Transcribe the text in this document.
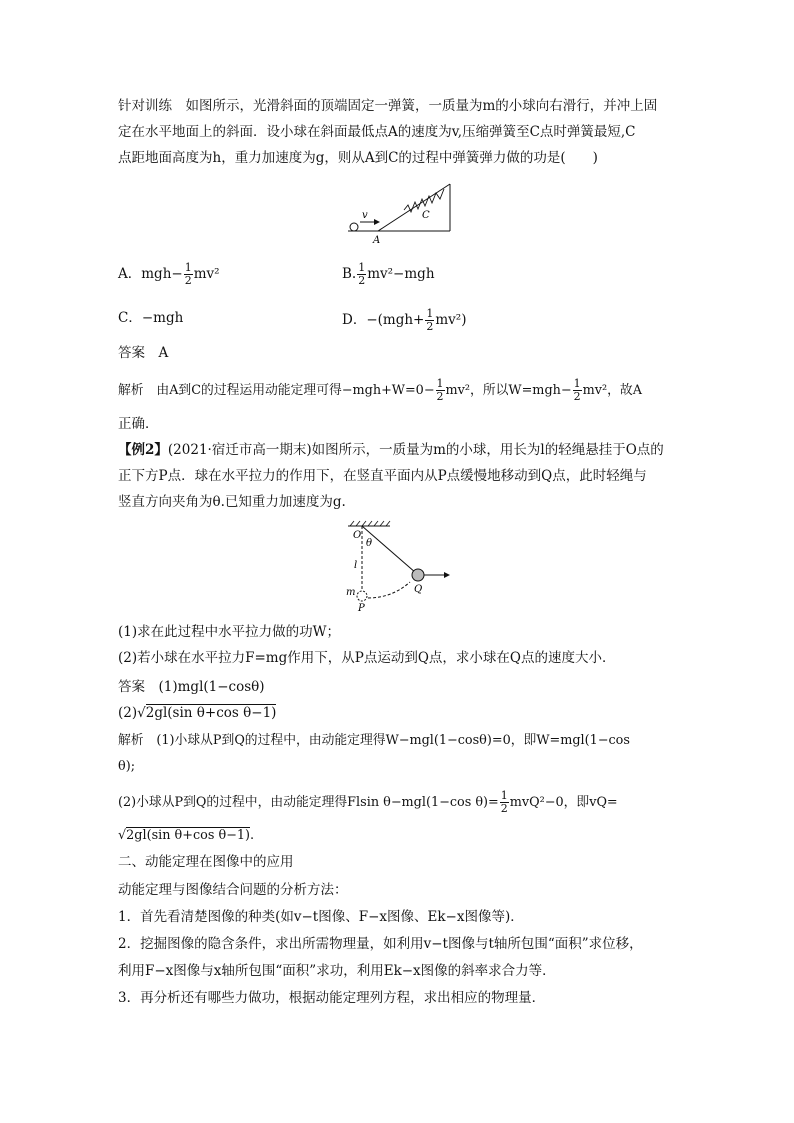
针对训练　如图所示，光滑斜面的顶端固定一弹簧，一质量为m的小球向右滑行，并冲上固
定在水平地面上的斜面．设小球在斜面最低点A的速度为v,压缩弹簧至C点时弹簧最短,C
点距地面高度为h，重力加速度为g，则从A到C的过程中弹簧弹力做的功是(　　)
v
A
C
A．$mgh- \frac{1}{2} mv^2$	B. $\frac{1}{2} mv^2-mgh$
C．−mgh	D．$-(mgh+ \frac{1}{2} mv^2)$
答案　A
解析　由A到C的过程运用动能定理可得$-mgh+W=0- \frac{1}{2} mv^2$，所以$W=mgh- \frac{1}{2} mv^2$，故A
正确．
【例2】(2021·宿迁市高一期末)如图所示，一质量为m的小球，用长为l的轻绳悬挂于O点的
正下方P点．球在水平拉力的作用下，在竖直平面内从P点缓慢地移动到Q点，此时轻绳与
竖直方向夹角为θ.已知重力加速度为g.
O
θ
l
m
P
Q
(1)求在此过程中水平拉力做的功W；
(2)若小球在水平拉力F=mg作用下，从P点运动到Q点，求小球在Q点的速度大小．
答案　(1)mgl(1−cosθ)
(2)√2gl(sin θ+cos θ−1)
解析　(1)小球从P到Q的过程中，由动能定理得W−mgl(1−cosθ)=0，即W=mgl(1−cos
θ);
(2)小球从P到Q的过程中，由动能定理得Flsin θ−mgl(1−cos $\theta)= \frac{1}{2} mvQ^2-0$，即vQ=
√2gl(sin θ+cos θ−1).
二、动能定理在图像中的应用
动能定理与图像结合问题的分析方法：
1．首先看清楚图像的种类(如v−t图像、F−x图像、Ek−x图像等)．
2．挖掘图像的隐含条件，求出所需物理量，如利用v−t图像与t轴所包围“面积”求位移，
利用F−x图像与x轴所包围“面积”求功，利用Ek−x图像的斜率求合力等．
3．再分析还有哪些力做功，根据动能定理列方程，求出相应的物理量．
